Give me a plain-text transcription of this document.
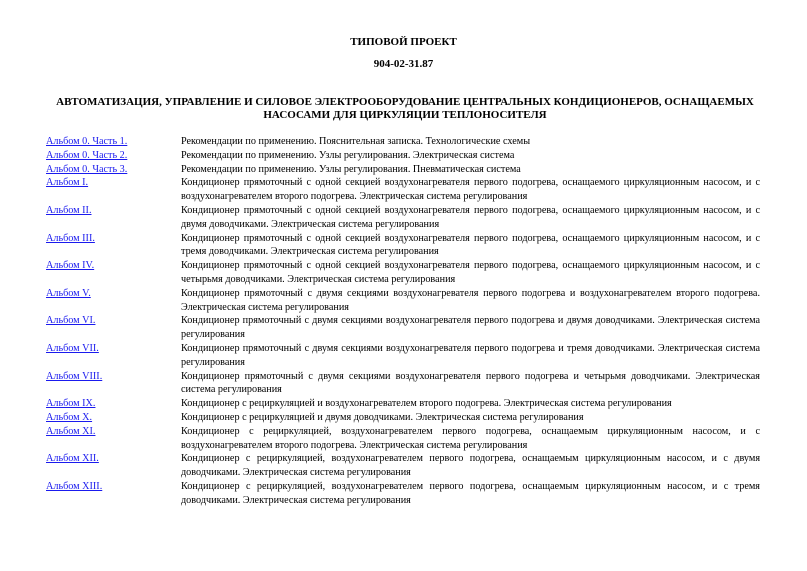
ТИПОВОЙ ПРОЕКТ
904-02-31.87
АВТОМАТИЗАЦИЯ, УПРАВЛЕНИЕ И СИЛОВОЕ ЭЛЕКТРООБОРУДОВАНИЕ ЦЕНТРАЛЬНЫХ КОНДИЦИОНЕРОВ, ОСНАЩАЕМЫХ НАСОСАМИ ДЛЯ ЦИРКУЛЯЦИИ ТЕПЛОНОСИТЕЛЯ
Альбом 0. Часть 1.	Рекомендации по применению. Пояснительная записка. Технологические схемы
Альбом 0. Часть 2.	Рекомендации по применению. Узлы регулирования. Электрическая система
Альбом 0. Часть 3.	Рекомендации по применению. Узлы регулирования. Пневматическая система
Альбом I.	Кондиционер прямоточный с одной секцией воздухонагревателя первого подогрева, оснащаемого циркуляционным насосом, и с воздухонагревателем второго подогрева. Электрическая система регулирования
Альбом II.	Кондиционер прямоточный с одной секцией воздухонагревателя первого подогрева, оснащаемого циркуляционным насосом, и с двумя доводчиками. Электрическая система регулирования
Альбом III.	Кондиционер прямоточный с одной секцией воздухонагревателя первого подогрева, оснащаемого циркуляционным насосом, и с тремя доводчиками. Электрическая система регулирования
Альбом IV.	Кондиционер прямоточный с одной секцией воздухонагревателя первого подогрева, оснащаемого циркуляционным насосом, и с четырьмя доводчиками. Электрическая система регулирования
Альбом V.	Кондиционер прямоточный с двумя секциями воздухонагревателя первого подогрева и воздухонагревателем второго подогрева. Электрическая система регулирования
Альбом VI.	Кондиционер прямоточный с двумя секциями воздухонагревателя первого подогрева и двумя доводчиками. Электрическая система регулирования
Альбом VII.	Кондиционер прямоточный с двумя секциями воздухонагревателя первого подогрева и тремя доводчиками. Электрическая система регулирования
Альбом VIII.	Кондиционер прямоточный с двумя секциями воздухонагревателя первого подогрева и четырьмя доводчиками. Электрическая система регулирования
Альбом IX.	Кондиционер с рециркуляцией и воздухонагревателем второго подогрева. Электрическая система регулирования
Альбом X.	Кондиционер с рециркуляцией и двумя доводчиками. Электрическая система регулирования
Альбом XI.	Кондиционер с рециркуляцией, воздухонагревателем первого подогрева, оснащаемым циркуляционным насосом, и с воздухонагревателем второго подогрева. Электрическая система регулирования
Альбом XII.	Кондиционер с рециркуляцией, воздухонагревателем первого подогрева, оснащаемым циркуляционным насосом, и с двумя доводчиками. Электрическая система регулирования
Альбом XIII.	Кондиционер с рециркуляцией, воздухонагревателем первого подогрева, оснащаемым циркуляционным насосом, и с тремя доводчиками. Электрическая система регулирования
